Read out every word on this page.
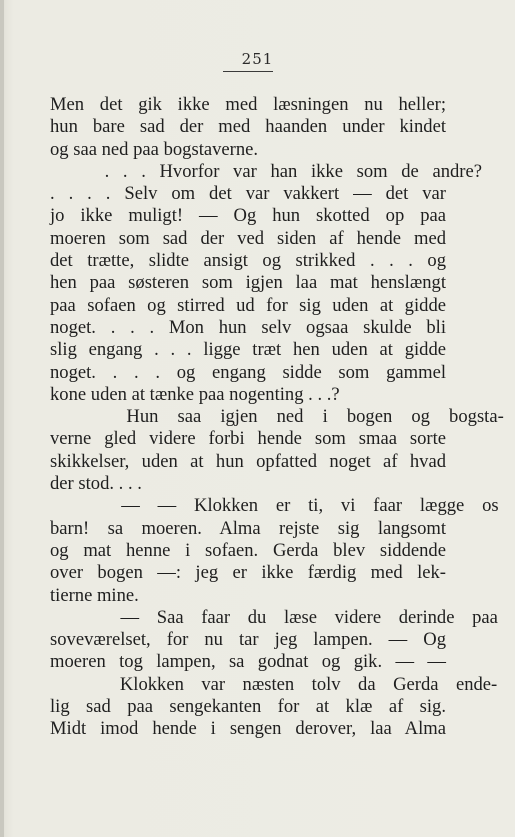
251
Men det gik ikke med læsningen nu heller;
hun bare sad der med haanden under kindet
og saa ned paa bogstaverne.
. . . Hvorfor var han ikke som de andre?
. . . . Selv om det var vakkert — det var
jo ikke muligt! — Og hun skotted op paa
moeren som sad der ved siden af hende med
det trætte, slidte ansigt og strikked . . . og
hen paa søsteren som igjen laa mat henslængt
paa sofaen og stirred ud for sig uden at gidde
noget. . . . Mon hun selv ogsaa skulde bli
slig engang . . . ligge træt hen uden at gidde
noget. . . . og engang sidde som gammel
kone uden at tænke paa nogenting . . .?
Hun saa igjen ned i bogen og bogsta-
verne gled videre forbi hende som smaa sorte
skikkelser, uden at hun opfatted noget af hvad
der stod. . . .
— — Klokken er ti, vi faar lægge os
barn! sa moeren. Alma rejste sig langsomt
og mat henne i sofaen. Gerda blev siddende
over bogen —: jeg er ikke færdig med lek-
tierne mine.
— Saa faar du læse videre derinde paa
soveværelset, for nu tar jeg lampen. — Og
moeren tog lampen, sa godnat og gik. — —
Klokken var næsten tolv da Gerda ende-
lig sad paa sengekanten for at klæ af sig.
Midt imod hende i sengen derover, laa Alma
